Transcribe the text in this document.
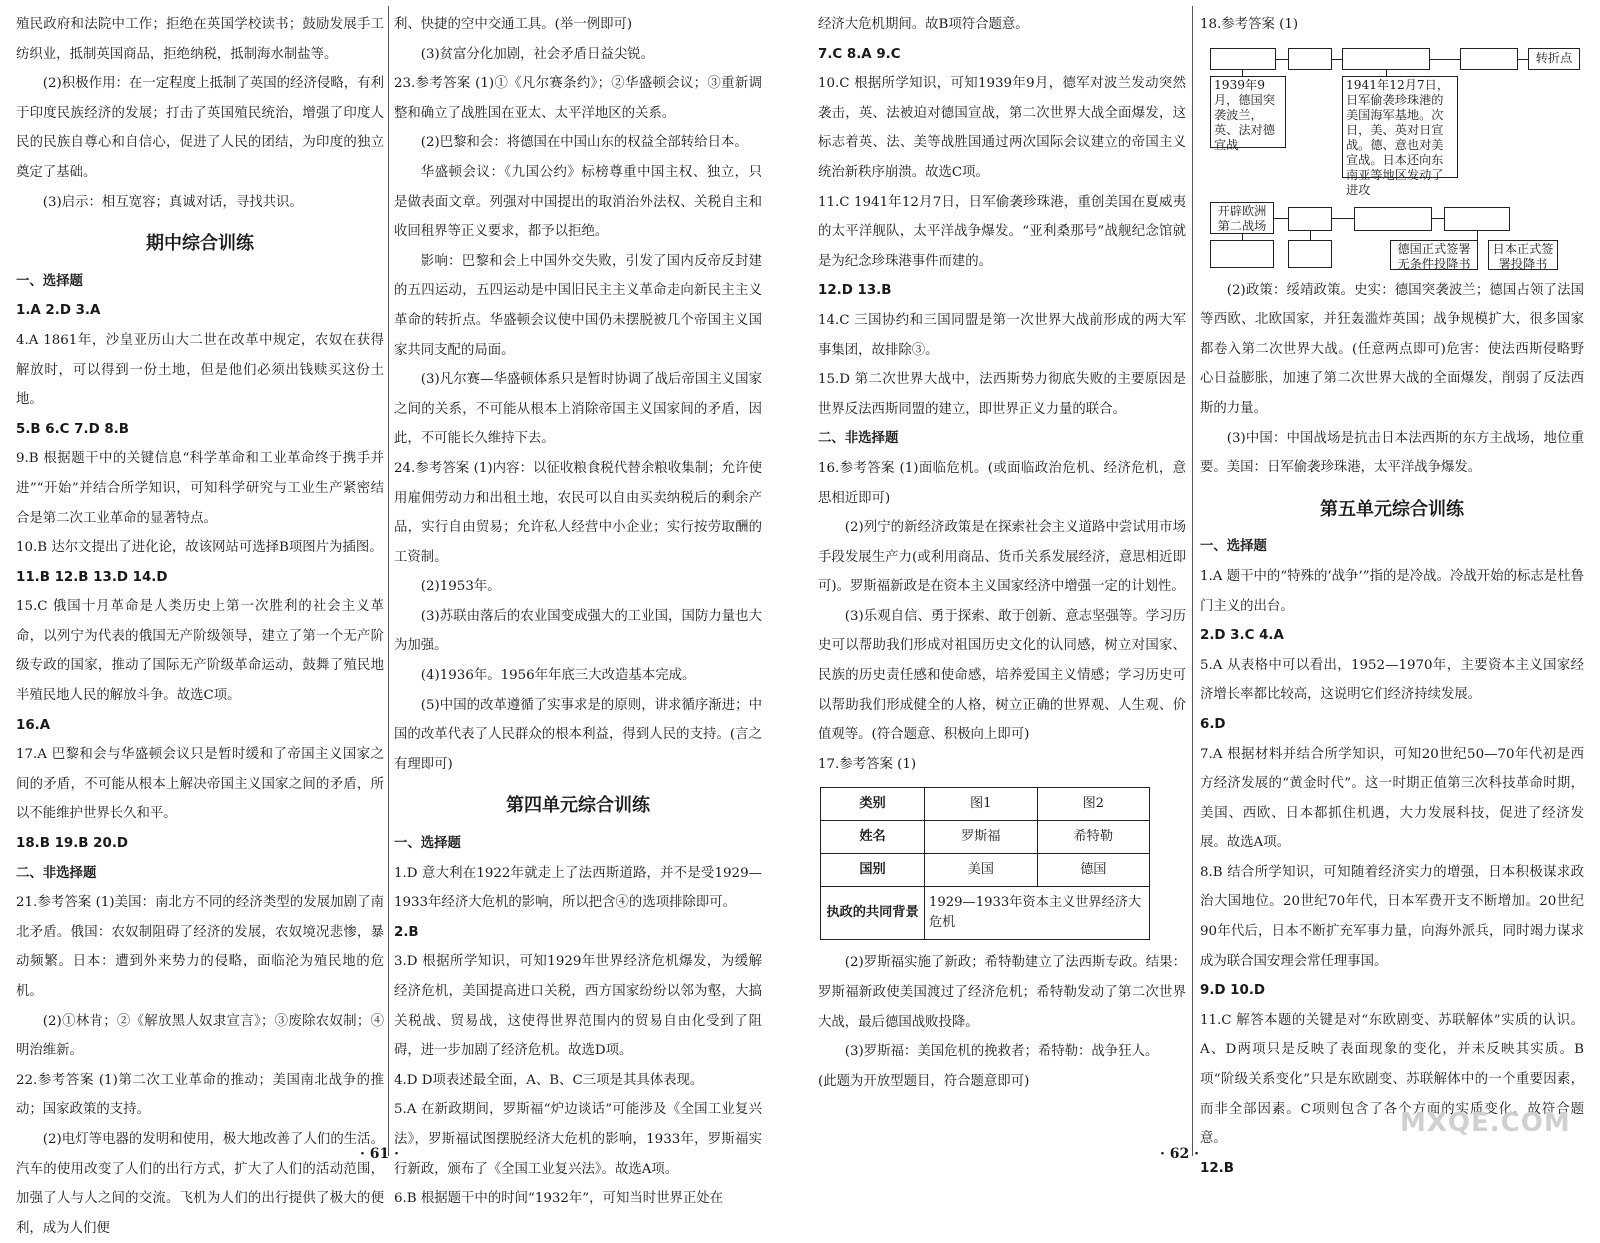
殖民政府和法院中工作；拒绝在英国学校读书；鼓励发展手工纺织业，抵制英国商品，拒绝纳税，抵制海水制盐等。

(2)积极作用：在一定程度上抵制了英国的经济侵略，有利于印度民族经济的发展；打击了英国殖民统治，增强了印度人民的民族自尊心和自信心，促进了人民的团结，为印度的独立奠定了基础。

(3)启示：相互宽容；真诚对话，寻找共识。

期中综合训练

一、选择题

1.A 2.D 3.A

4.A 1861年，沙皇亚历山大二世在改革中规定，农奴在获得解放时，可以得到一份土地，但是他们必须出钱赎买这份土地。

5.B 6.C 7.D 8.B

9.B 根据题干中的关键信息“科学革命和工业革命终于携手并进”“开始”并结合所学知识，可知科学研究与工业生产紧密结合是第二次工业革命的显著特点。

10.B 达尔文提出了进化论，故该网站可选择B项图片为插图。

11.B 12.B 13.D 14.D

15.C 俄国十月革命是人类历史上第一次胜利的社会主义革命，以列宁为代表的俄国无产阶级领导，建立了第一个无产阶级专政的国家，推动了国际无产阶级革命运动，鼓舞了殖民地半殖民地人民的解放斗争。故选C项。

16.A

17.A 巴黎和会与华盛顿会议只是暂时缓和了帝国主义国家之间的矛盾，不可能从根本上解决帝国主义国家之间的矛盾，所以不能维护世界长久和平。

18.B 19.B 20.D

二、非选择题

21.参考答案 (1)美国：南北方不同的经济类型的发展加剧了南北矛盾。俄国：农奴制阻碍了经济的发展，农奴境况悲惨，暴动频繁。日本：遭到外来势力的侵略，面临沦为殖民地的危机。

(2)①林肯；②《解放黑人奴隶宣言》；③废除农奴制；④明治维新。

22.参考答案 (1)第二次工业革命的推动；美国南北战争的推动；国家政策的支持。

(2)电灯等电器的发明和使用，极大地改善了人们的生活。汽车的使用改变了人们的出行方式，扩大了人们的活动范围，加强了人与人之间的交流。飞机为人们的出行提供了极大的便利，成为人们便

利、快捷的空中交通工具。(举一例即可)

(3)贫富分化加剧，社会矛盾日益尖锐。

23.参考答案 (1)①《凡尔赛条约》；②华盛顿会议；③重新调整和确立了战胜国在亚太、太平洋地区的关系。

(2)巴黎和会：将德国在中国山东的权益全部转给日本。

华盛顿会议：《九国公约》标榜尊重中国主权、独立，只是做表面文章。列强对中国提出的取消治外法权、关税自主和收回租界等正义要求，都予以拒绝。

影响：巴黎和会上中国外交失败，引发了国内反帝反封建的五四运动，五四运动是中国旧民主主义革命走向新民主主义革命的转折点。华盛顿会议使中国仍未摆脱被几个帝国主义国家共同支配的局面。

(3)凡尔赛—华盛顿体系只是暂时协调了战后帝国主义国家之间的关系，不可能从根本上消除帝国主义国家间的矛盾，因此，不可能长久维持下去。

24.参考答案 (1)内容：以征收粮食税代替余粮收集制；允许使用雇佣劳动力和出租土地，农民可以自由买卖纳税后的剩余产品，实行自由贸易；允许私人经营中小企业；实行按劳取酬的工资制。

(2)1953年。

(3)苏联由落后的农业国变成强大的工业国，国防力量也大为加强。

(4)1936年。1956年年底三大改造基本完成。

(5)中国的改革遵循了实事求是的原则，讲求循序渐进；中国的改革代表了人民群众的根本利益，得到人民的支持。(言之有理即可)

第四单元综合训练

一、选择题

1.D 意大利在1922年就走上了法西斯道路，并不是受1929—1933年经济大危机的影响，所以把含④的选项排除即可。

2.B

3.D 根据所学知识，可知1929年世界经济危机爆发，为缓解经济危机，美国提高进口关税，西方国家纷纷以邻为壑，大搞关税战、贸易战，这使得世界范围内的贸易自由化受到了阻碍，进一步加剧了经济危机。故选D项。

4.D D项表述最全面，A、B、C三项是其具体表现。

5.A 在新政期间，罗斯福“炉边谈话”可能涉及《全国工业复兴法》，罗斯福试图摆脱经济大危机的影响，1933年，罗斯福实行新政，颁布了《全国工业复兴法》。故选A项。

6.B 根据题干中的时间“1932年”，可知当时世界正处在

经济大危机期间。故B项符合题意。

7.C 8.A 9.C

10.C 根据所学知识，可知1939年9月，德军对波兰发动突然袭击，英、法被迫对德国宣战，第二次世界大战全面爆发，这标志着英、法、美等战胜国通过两次国际会议建立的帝国主义统治新秩序崩溃。故选C项。

11.C 1941年12月7日，日军偷袭珍珠港，重创美国在夏威夷的太平洋舰队，太平洋战争爆发。“亚利桑那号”战舰纪念馆就是为纪念珍珠港事件而建的。

12.D 13.B

14.C 三国协约和三国同盟是第一次世界大战前形成的两大军事集团，故排除③。

15.D 第二次世界大战中，法西斯势力彻底失败的主要原因是世界反法西斯同盟的建立，即世界正义力量的联合。

二、非选择题

16.参考答案 (1)面临危机。(或面临政治危机、经济危机，意思相近即可)

(2)列宁的新经济政策是在探索社会主义道路中尝试用市场手段发展生产力(或利用商品、货币关系发展经济，意思相近即可)。罗斯福新政是在资本主义国家经济中增强一定的计划性。

(3)乐观自信、勇于探索、敢于创新、意志坚强等。学习历史可以帮助我们形成对祖国历史文化的认同感，树立对国家、民族的历史责任感和使命感，培养爱国主义情感；学习历史可以帮助我们形成健全的人格，树立正确的世界观、人生观、价值观等。(符合题意、积极向上即可)

17.参考答案 (1)

类别	图1	图2
姓名	罗斯福	希特勒
国别	美国	德国
执政的共同背景	1929—1933年资本主义世界经济大危机	

(2)罗斯福实施了新政；希特勒建立了法西斯专政。结果：罗斯福新政使美国渡过了经济危机；希特勒发动了第二次世界大战，最后德国战败投降。

(3)罗斯福：美国危机的挽救者；希特勒：战争狂人。

(此题为开放型题目，符合题意即可)

18.参考答案 (1)

转折点
1939年9月，德国突袭波兰，英、法对德宣战
1941年12月7日，日军偷袭珍珠港的美国海军基地。次日，美、英对日宣战。德、意也对美宣战。日本还向东南亚等地区发动了进攻
开辟欧洲第二战场
德国正式签署无条件投降书
日本正式签署投降书

(2)政策：绥靖政策。史实：德国突袭波兰；德国占领了法国等西欧、北欧国家，并狂轰滥炸英国；战争规模扩大，很多国家都卷入第二次世界大战。(任意两点即可)危害：使法西斯侵略野心日益膨胀，加速了第二次世界大战的全面爆发，削弱了反法西斯的力量。

(3)中国：中国战场是抗击日本法西斯的东方主战场，地位重要。美国：日军偷袭珍珠港，太平洋战争爆发。

第五单元综合训练

一、选择题

1.A 题干中的“特殊的‘战争’”指的是冷战。冷战开始的标志是杜鲁门主义的出台。

2.D 3.C 4.A

5.A 从表格中可以看出，1952—1970年，主要资本主义国家经济增长率都比较高，这说明它们经济持续发展。

6.D

7.A 根据材料并结合所学知识，可知20世纪50—70年代初是西方经济发展的“黄金时代”。这一时期正值第三次科技革命时期，美国、西欧、日本都抓住机遇，大力发展科技，促进了经济发展。故选A项。

8.B 结合所学知识，可知随着经济实力的增强，日本积极谋求政治大国地位。20世纪70年代，日本军费开支不断增加。20世纪90年代后，日本不断扩充军事力量，向海外派兵，同时竭力谋求成为联合国安理会常任理事国。

9.D 10.D

11.C 解答本题的关键是对“东欧剧变、苏联解体”实质的认识。A、D两项只是反映了表面现象的变化，并未反映其实质。B项“阶级关系变化”只是东欧剧变、苏联解体中的一个重要因素，而非全部因素。C项则包含了各个方面的实质变化，故符合题意。

12.B

· 61 ·	· 62 ·
MXQE.COM
